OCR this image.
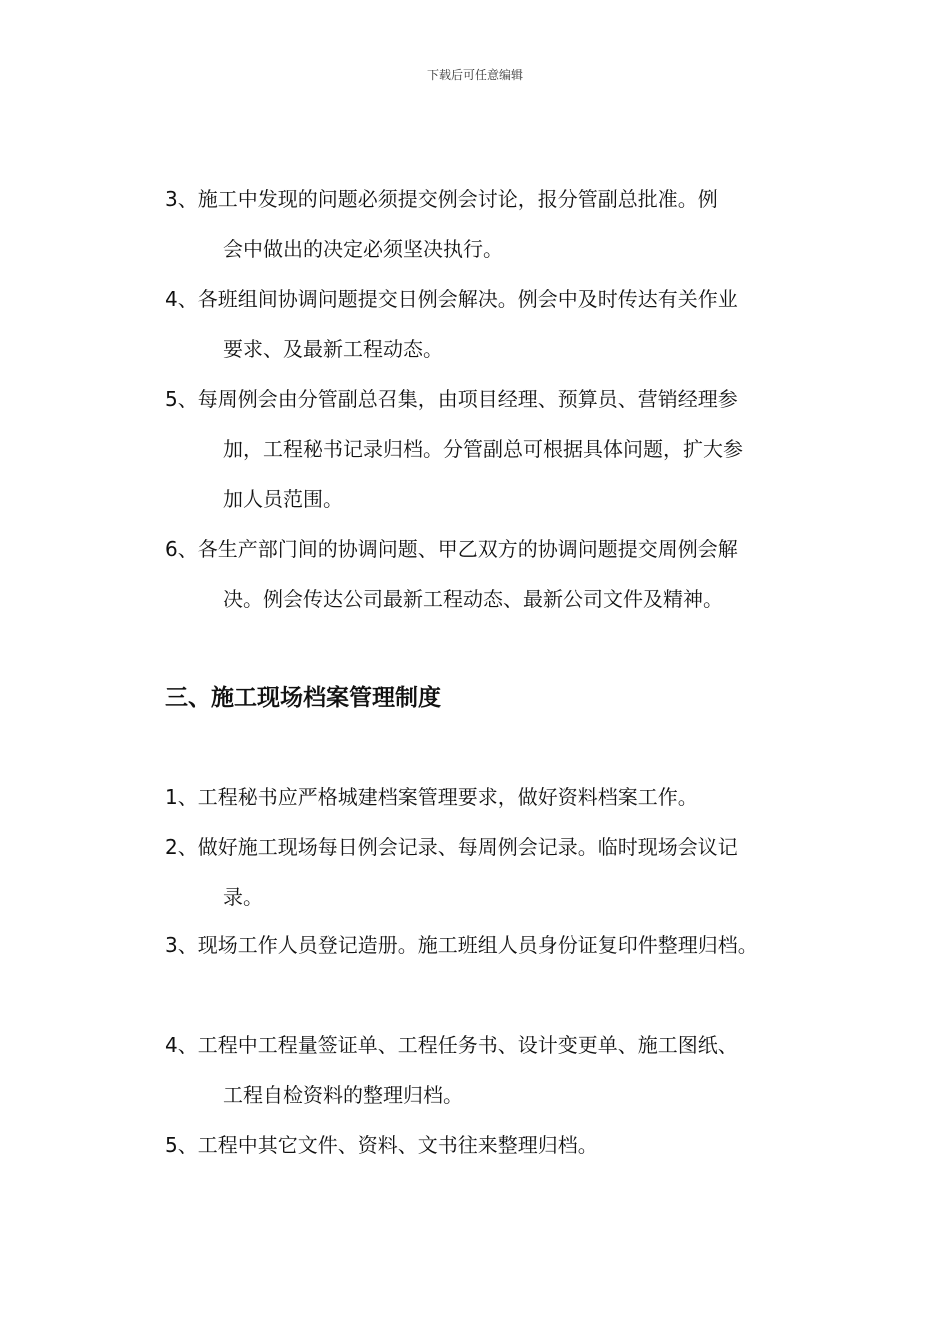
下载后可任意编辑
3、施工中发现的问题必须提交例会讨论，报分管副总批准。例
会中做出的决定必须坚决执行。
4、各班组间协调问题提交日例会解决。例会中及时传达有关作业
要求、及最新工程动态。
5、每周例会由分管副总召集，由项目经理、预算员、营销经理参
加，工程秘书记录归档。分管副总可根据具体问题，扩大参
加人员范围。
6、各生产部门间的协调问题、甲乙双方的协调问题提交周例会解
决。例会传达公司最新工程动态、最新公司文件及精神。
三、施工现场档案管理制度
1、工程秘书应严格城建档案管理要求，做好资料档案工作。
2、做好施工现场每日例会记录、每周例会记录。临时现场会议记
录。
3、现场工作人员登记造册。施工班组人员身份证复印件整理归档。
4、工程中工程量签证单、工程任务书、设计变更单、施工图纸、
工程自检资料的整理归档。
5、工程中其它文件、资料、文书往来整理归档。
